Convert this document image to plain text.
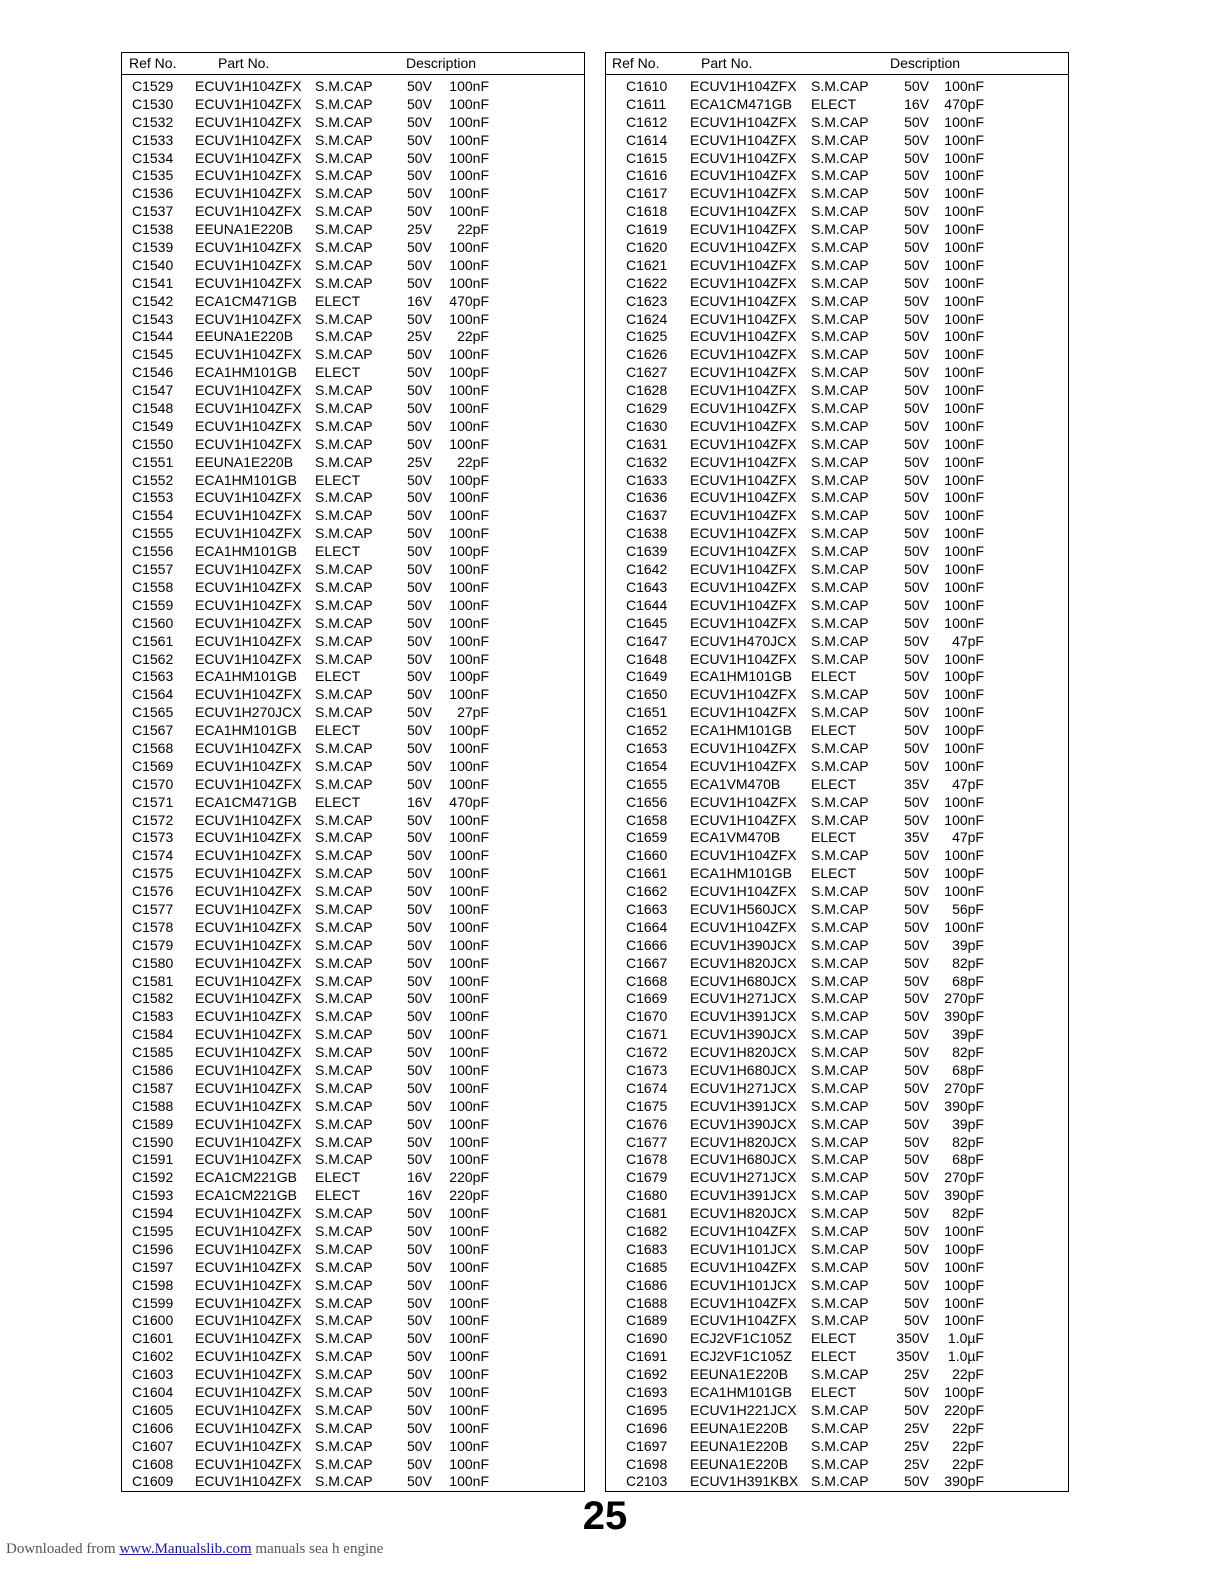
Ref No.	Part No.	Description
C1529 ECUV1H104ZFX S.M.CAP 50V 100nF
C1530 ECUV1H104ZFX S.M.CAP 50V 100nF
C1532 ECUV1H104ZFX S.M.CAP 50V 100nF
C1533 ECUV1H104ZFX S.M.CAP 50V 100nF
C1534 ECUV1H104ZFX S.M.CAP 50V 100nF
C1535 ECUV1H104ZFX S.M.CAP 50V 100nF
C1536 ECUV1H104ZFX S.M.CAP 50V 100nF
C1537 ECUV1H104ZFX S.M.CAP 50V 100nF
C1538 EEUNA1E220B S.M.CAP 25V 22pF
C1539 ECUV1H104ZFX S.M.CAP 50V 100nF
C1540 ECUV1H104ZFX S.M.CAP 50V 100nF
C1541 ECUV1H104ZFX S.M.CAP 50V 100nF
C1542 ECA1CM471GB ELECT	16V 470pF
C1543 ECUV1H104ZFX S.M.CAP 50V 100nF
C1544 EEUNA1E220B S.M.CAP 25V 22pF
C1545 ECUV1H104ZFX S.M.CAP 50V 100nF
C1546 ECA1HM101GB ELECT	50V 100pF
C1547 ECUV1H104ZFX S.M.CAP 50V 100nF
C1548 ECUV1H104ZFX S.M.CAP 50V 100nF
C1549 ECUV1H104ZFX S.M.CAP 50V 100nF
C1550 ECUV1H104ZFX S.M.CAP 50V 100nF
C1551 EEUNA1E220B S.M.CAP 25V 22pF
C1552 ECA1HM101GB ELECT	50V 100pF
C1553 ECUV1H104ZFX S.M.CAP 50V 100nF
C1554 ECUV1H104ZFX S.M.CAP 50V 100nF
C1555 ECUV1H104ZFX S.M.CAP 50V 100nF
C1556 ECA1HM101GB ELECT	50V 100pF
C1557 ECUV1H104ZFX S.M.CAP 50V 100nF
C1558 ECUV1H104ZFX S.M.CAP 50V 100nF
C1559 ECUV1H104ZFX S.M.CAP 50V 100nF
C1560 ECUV1H104ZFX S.M.CAP 50V 100nF
C1561 ECUV1H104ZFX S.M.CAP 50V 100nF
C1562 ECUV1H104ZFX S.M.CAP 50V 100nF
C1563 ECA1HM101GB ELECT	50V 100pF
C1564 ECUV1H104ZFX S.M.CAP 50V 100nF
C1565 ECUV1H270JCX S.M.CAP 50V 27pF
C1567 ECA1HM101GB ELECT	50V 100pF
C1568 ECUV1H104ZFX S.M.CAP 50V 100nF
C1569 ECUV1H104ZFX S.M.CAP 50V 100nF
C1570 ECUV1H104ZFX S.M.CAP 50V 100nF
C1571 ECA1CM471GB ELECT	16V 470pF
C1572 ECUV1H104ZFX S.M.CAP 50V 100nF
C1573 ECUV1H104ZFX S.M.CAP 50V 100nF
C1574 ECUV1H104ZFX S.M.CAP 50V 100nF
C1575 ECUV1H104ZFX S.M.CAP 50V 100nF
C1576 ECUV1H104ZFX S.M.CAP 50V 100nF
C1577 ECUV1H104ZFX S.M.CAP 50V 100nF
C1578 ECUV1H104ZFX S.M.CAP 50V 100nF
C1579 ECUV1H104ZFX S.M.CAP 50V 100nF
C1580 ECUV1H104ZFX S.M.CAP 50V 100nF
C1581 ECUV1H104ZFX S.M.CAP 50V 100nF
C1582 ECUV1H104ZFX S.M.CAP 50V 100nF
C1583 ECUV1H104ZFX S.M.CAP 50V 100nF
C1584 ECUV1H104ZFX S.M.CAP 50V 100nF
C1585 ECUV1H104ZFX S.M.CAP 50V 100nF
C1586 ECUV1H104ZFX S.M.CAP 50V 100nF
C1587 ECUV1H104ZFX S.M.CAP 50V 100nF
C1588 ECUV1H104ZFX S.M.CAP 50V 100nF
C1589 ECUV1H104ZFX S.M.CAP 50V 100nF
C1590 ECUV1H104ZFX S.M.CAP 50V 100nF
C1591 ECUV1H104ZFX S.M.CAP 50V 100nF
C1592 ECA1CM221GB ELECT	16V 220pF
C1593 ECA1CM221GB ELECT	16V 220pF
C1594 ECUV1H104ZFX S.M.CAP 50V 100nF
C1595 ECUV1H104ZFX S.M.CAP 50V 100nF
C1596 ECUV1H104ZFX S.M.CAP 50V 100nF
C1597 ECUV1H104ZFX S.M.CAP 50V 100nF
C1598 ECUV1H104ZFX S.M.CAP 50V 100nF
C1599 ECUV1H104ZFX S.M.CAP 50V 100nF
C1600 ECUV1H104ZFX S.M.CAP 50V 100nF
C1601 ECUV1H104ZFX S.M.CAP 50V 100nF
C1602 ECUV1H104ZFX S.M.CAP 50V 100nF
C1603 ECUV1H104ZFX S.M.CAP 50V 100nF
C1604 ECUV1H104ZFX S.M.CAP 50V 100nF
C1605 ECUV1H104ZFX S.M.CAP 50V 100nF
C1606 ECUV1H104ZFX S.M.CAP 50V 100nF
C1607 ECUV1H104ZFX S.M.CAP 50V 100nF
C1608 ECUV1H104ZFX S.M.CAP 50V 100nF
C1609 ECUV1H104ZFX S.M.CAP 50V 100nF
Ref No.	Part No.	Description
C1610 ECUV1H104ZFX S.M.CAP	50V 100nF
C1611 ECA1CM471GB ELECT	16V 470pF
C1612 ECUV1H104ZFX S.M.CAP	50V 100nF
C1614 ECUV1H104ZFX S.M.CAP	50V 100nF
C1615 ECUV1H104ZFX S.M.CAP	50V 100nF
C1616 ECUV1H104ZFX S.M.CAP	50V 100nF
C1617 ECUV1H104ZFX S.M.CAP	50V 100nF
C1618 ECUV1H104ZFX S.M.CAP	50V 100nF
C1619 ECUV1H104ZFX S.M.CAP	50V 100nF
C1620 ECUV1H104ZFX S.M.CAP	50V 100nF
C1621 ECUV1H104ZFX S.M.CAP	50V 100nF
C1622 ECUV1H104ZFX S.M.CAP	50V 100nF
C1623 ECUV1H104ZFX S.M.CAP	50V 100nF
C1624 ECUV1H104ZFX S.M.CAP	50V 100nF
C1625 ECUV1H104ZFX S.M.CAP	50V 100nF
C1626 ECUV1H104ZFX S.M.CAP	50V 100nF
C1627 ECUV1H104ZFX S.M.CAP	50V 100nF
C1628 ECUV1H104ZFX S.M.CAP	50V 100nF
C1629 ECUV1H104ZFX S.M.CAP	50V 100nF
C1630 ECUV1H104ZFX S.M.CAP	50V 100nF
C1631 ECUV1H104ZFX S.M.CAP	50V 100nF
C1632 ECUV1H104ZFX S.M.CAP	50V 100nF
C1633 ECUV1H104ZFX S.M.CAP	50V 100nF
C1636 ECUV1H104ZFX S.M.CAP	50V 100nF
C1637 ECUV1H104ZFX S.M.CAP	50V 100nF
C1638 ECUV1H104ZFX S.M.CAP	50V 100nF
C1639 ECUV1H104ZFX S.M.CAP	50V 100nF
C1642 ECUV1H104ZFX S.M.CAP	50V 100nF
C1643 ECUV1H104ZFX S.M.CAP	50V 100nF
C1644 ECUV1H104ZFX S.M.CAP	50V 100nF
C1645 ECUV1H104ZFX S.M.CAP	50V 100nF
C1647 ECUV1H470JCX S.M.CAP	50V 47pF
C1648 ECUV1H104ZFX S.M.CAP	50V 100nF
C1649 ECA1HM101GB ELECT	50V 100pF
C1650 ECUV1H104ZFX S.M.CAP	50V 100nF
C1651 ECUV1H104ZFX S.M.CAP	50V 100nF
C1652 ECA1HM101GB ELECT	50V 100pF
C1653 ECUV1H104ZFX S.M.CAP	50V 100nF
C1654 ECUV1H104ZFX S.M.CAP	50V 100nF
C1655 ECA1VM470B ELECT	35V 47pF
C1656 ECUV1H104ZFX S.M.CAP	50V 100nF
C1658 ECUV1H104ZFX S.M.CAP	50V 100nF
C1659 ECA1VM470B ELECT	35V 47pF
C1660 ECUV1H104ZFX S.M.CAP	50V 100nF
C1661 ECA1HM101GB ELECT	50V 100pF
C1662 ECUV1H104ZFX S.M.CAP	50V 100nF
C1663 ECUV1H560JCX S.M.CAP	50V 56pF
C1664 ECUV1H104ZFX S.M.CAP	50V 100nF
C1666 ECUV1H390JCX S.M.CAP	50V 39pF
C1667 ECUV1H820JCX S.M.CAP	50V 82pF
C1668 ECUV1H680JCX S.M.CAP	50V 68pF
C1669 ECUV1H271JCX S.M.CAP	50V 270pF
C1670 ECUV1H391JCX S.M.CAP	50V 390pF
C1671 ECUV1H390JCX S.M.CAP	50V 39pF
C1672 ECUV1H820JCX S.M.CAP	50V 82pF
C1673 ECUV1H680JCX S.M.CAP	50V 68pF
C1674 ECUV1H271JCX S.M.CAP	50V 270pF
C1675 ECUV1H391JCX S.M.CAP	50V 390pF
C1676 ECUV1H390JCX S.M.CAP	50V 39pF
C1677 ECUV1H820JCX S.M.CAP	50V 82pF
C1678 ECUV1H680JCX S.M.CAP	50V 68pF
C1679 ECUV1H271JCX S.M.CAP	50V 270pF
C1680 ECUV1H391JCX S.M.CAP	50V 390pF
C1681 ECUV1H820JCX S.M.CAP	50V 82pF
C1682 ECUV1H104ZFX S.M.CAP	50V 100nF
C1683 ECUV1H101JCX S.M.CAP	50V 100pF
C1685 ECUV1H104ZFX S.M.CAP	50V 100nF
C1686 ECUV1H101JCX S.M.CAP	50V 100pF
C1688 ECUV1H104ZFX S.M.CAP	50V 100nF
C1689 ECUV1H104ZFX S.M.CAP	50V 100nF
C1690 ECJ2VF1C105Z ELECT	350V 1.0µF
C1691 ECJ2VF1C105Z ELECT	350V 1.0µF
C1692 EEUNA1E220B S.M.CAP	25V 22pF
C1693 ECA1HM101GB ELECT	50V 100pF
C1695 ECUV1H221JCX S.M.CAP	50V 220pF
C1696 EEUNA1E220B S.M.CAP	25V 22pF
C1697 EEUNA1E220B S.M.CAP	25V 22pF
C1698 EEUNA1E220B S.M.CAP	25V 22pF
C2103 ECUV1H391KBX S.M.CAP	50V 390pF
25
Downloaded from www.Manualslib.com manuals sea h engine
